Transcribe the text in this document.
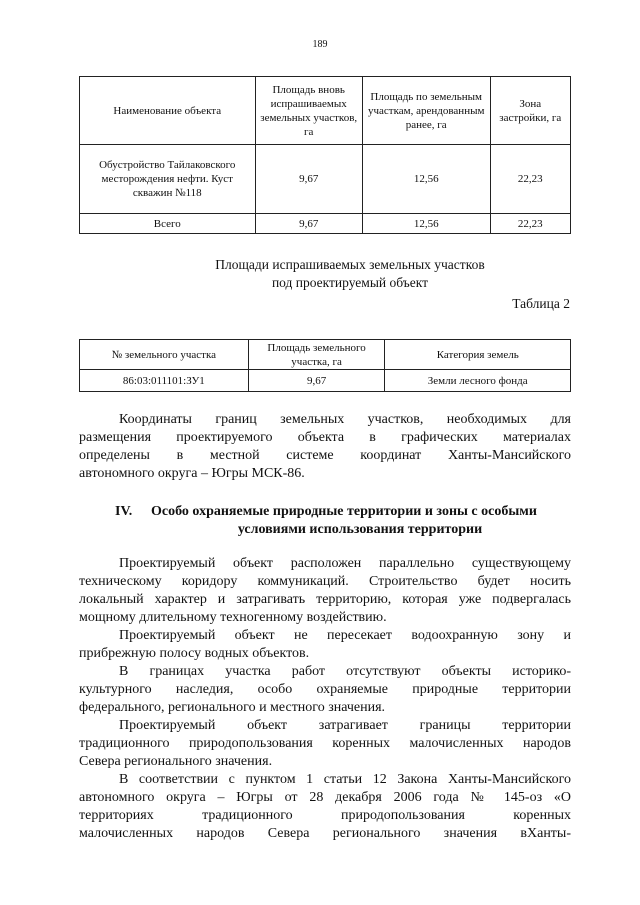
189
Наименование объекта	Площадь вновь испрашиваемых земельных участков, га	Площадь по земельным участкам, арендованным ранее, га	Зона застройки, га
Обустройство Тайлаковского месторождения нефти. Куст скважин №118	9,67	12,56	22,23
Всего	9,67	12,56	22,23
Площади испрашиваемых земельных участков
под проектируемый объект
Таблица 2
№ земельного участка	Площадь земельного участка, га	Категория земель
86:03:011101:ЗУ1	9,67	Земли лесного фонда
Координаты границ земельных участков, необходимых для
размещения проектируемого объекта в графических материалах
определены в местной системе координат Ханты-Мансийского
автономного округа – Югры МСК-86.
IV. Особо охраняемые природные территории и зоны с особыми
условиями использования территории
Проектируемый объект расположен параллельно существующему
техническому коридору коммуникаций. Строительство будет носить
локальный характер и затрагивать территорию, которая уже подвергалась
мощному длительному техногенному воздействию.
Проектируемый объект не пересекает водоохранную зону и
прибрежную полосу водных объектов.
В границах участка работ отсутствуют объекты историко-
культурного наследия, особо охраняемые природные территории
федерального, регионального и местного значения.
Проектируемый объект затрагивает границы территории
традиционного природопользования коренных малочисленных народов
Севера регионального значения.
В соответствии с пунктом 1 статьи 12 Закона Ханты-Мансийского
автономного округа – Югры от 28 декабря 2006 года № 145-оз «О
территориях традиционного природопользования коренных
малочисленных народов Севера регионального значения вХанты-
